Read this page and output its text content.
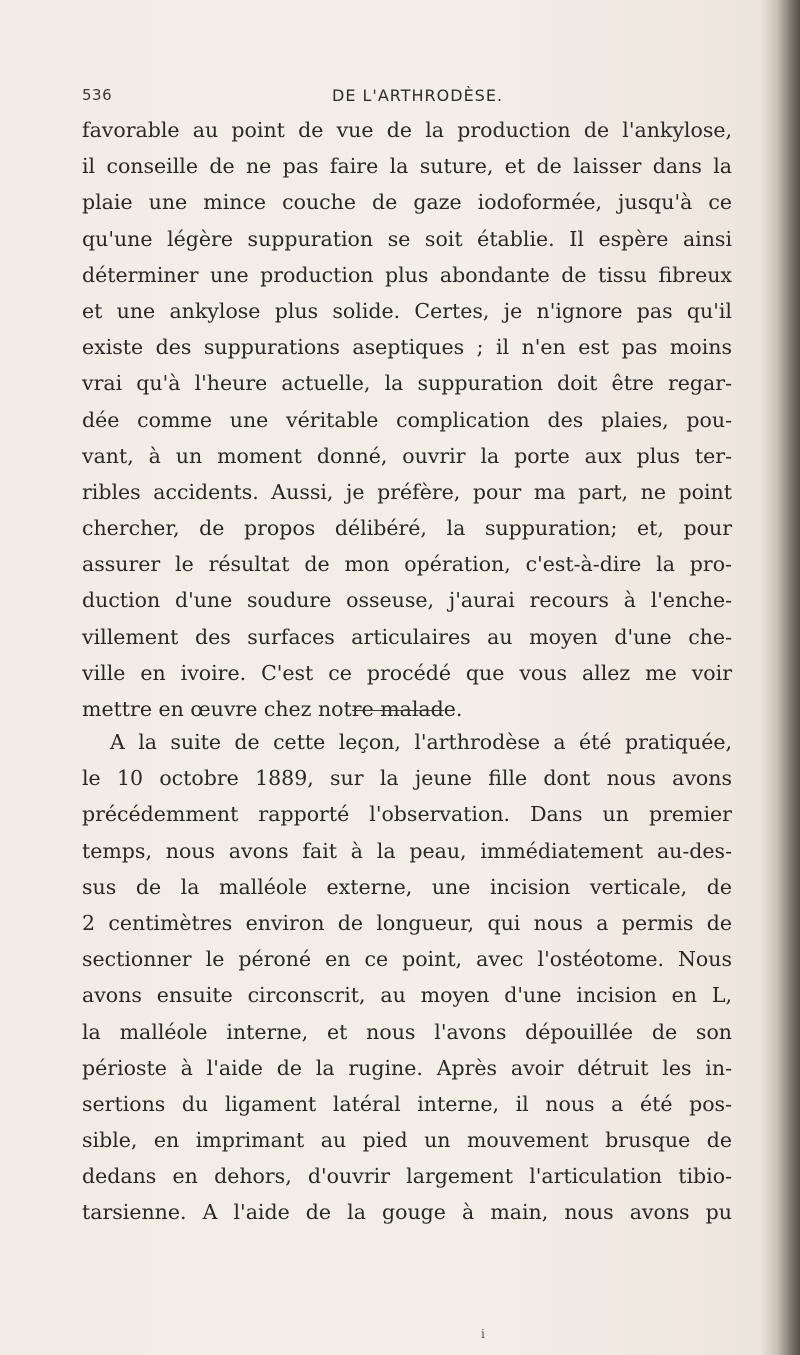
536	DE L'ARTHRODÈSE.
favorable au point de vue de la production de l'ankylose,
il conseille de ne pas faire la suture, et de laisser dans la
plaie une mince couche de gaze iodoformée, jusqu'à ce
qu'une légère suppuration se soit établie. Il espère ainsi
déterminer une production plus abondante de tissu fibreux
et une ankylose plus solide. Certes, je n'ignore pas qu'il
existe des suppurations aseptiques ; il n'en est pas moins
vrai qu'à l'heure actuelle, la suppuration doit être regar-
dée comme une véritable complication des plaies, pou-
vant, à un moment donné, ouvrir la porte aux plus ter-
ribles accidents. Aussi, je préfère, pour ma part, ne point
chercher, de propos délibéré, la suppuration; et, pour
assurer le résultat de mon opération, c'est-à-dire la pro-
duction d'une soudure osseuse, j'aurai recours à l'enche-
villement des surfaces articulaires au moyen d'une che-
ville en ivoire. C'est ce procédé que vous allez me voir
mettre en œuvre chez notre malade.
A la suite de cette leçon, l'arthrodèse a été pratiquée,
le 10 octobre 1889, sur la jeune fille dont nous avons
précédemment rapporté l'observation. Dans un premier
temps, nous avons fait à la peau, immédiatement au-des-
sus de la malléole externe, une incision verticale, de
2 centimètres environ de longueur, qui nous a permis de
sectionner le péroné en ce point, avec l'ostéotome. Nous
avons ensuite circonscrit, au moyen d'une incision en L,
la malléole interne, et nous l'avons dépouillée de son
périoste à l'aide de la rugine. Après avoir détruit les in-
sertions du ligament latéral interne, il nous a été pos-
sible, en imprimant au pied un mouvement brusque de
dedans en dehors, d'ouvrir largement l'articulation tibio-
tarsienne. A l'aide de la gouge à main, nous avons pu
i
